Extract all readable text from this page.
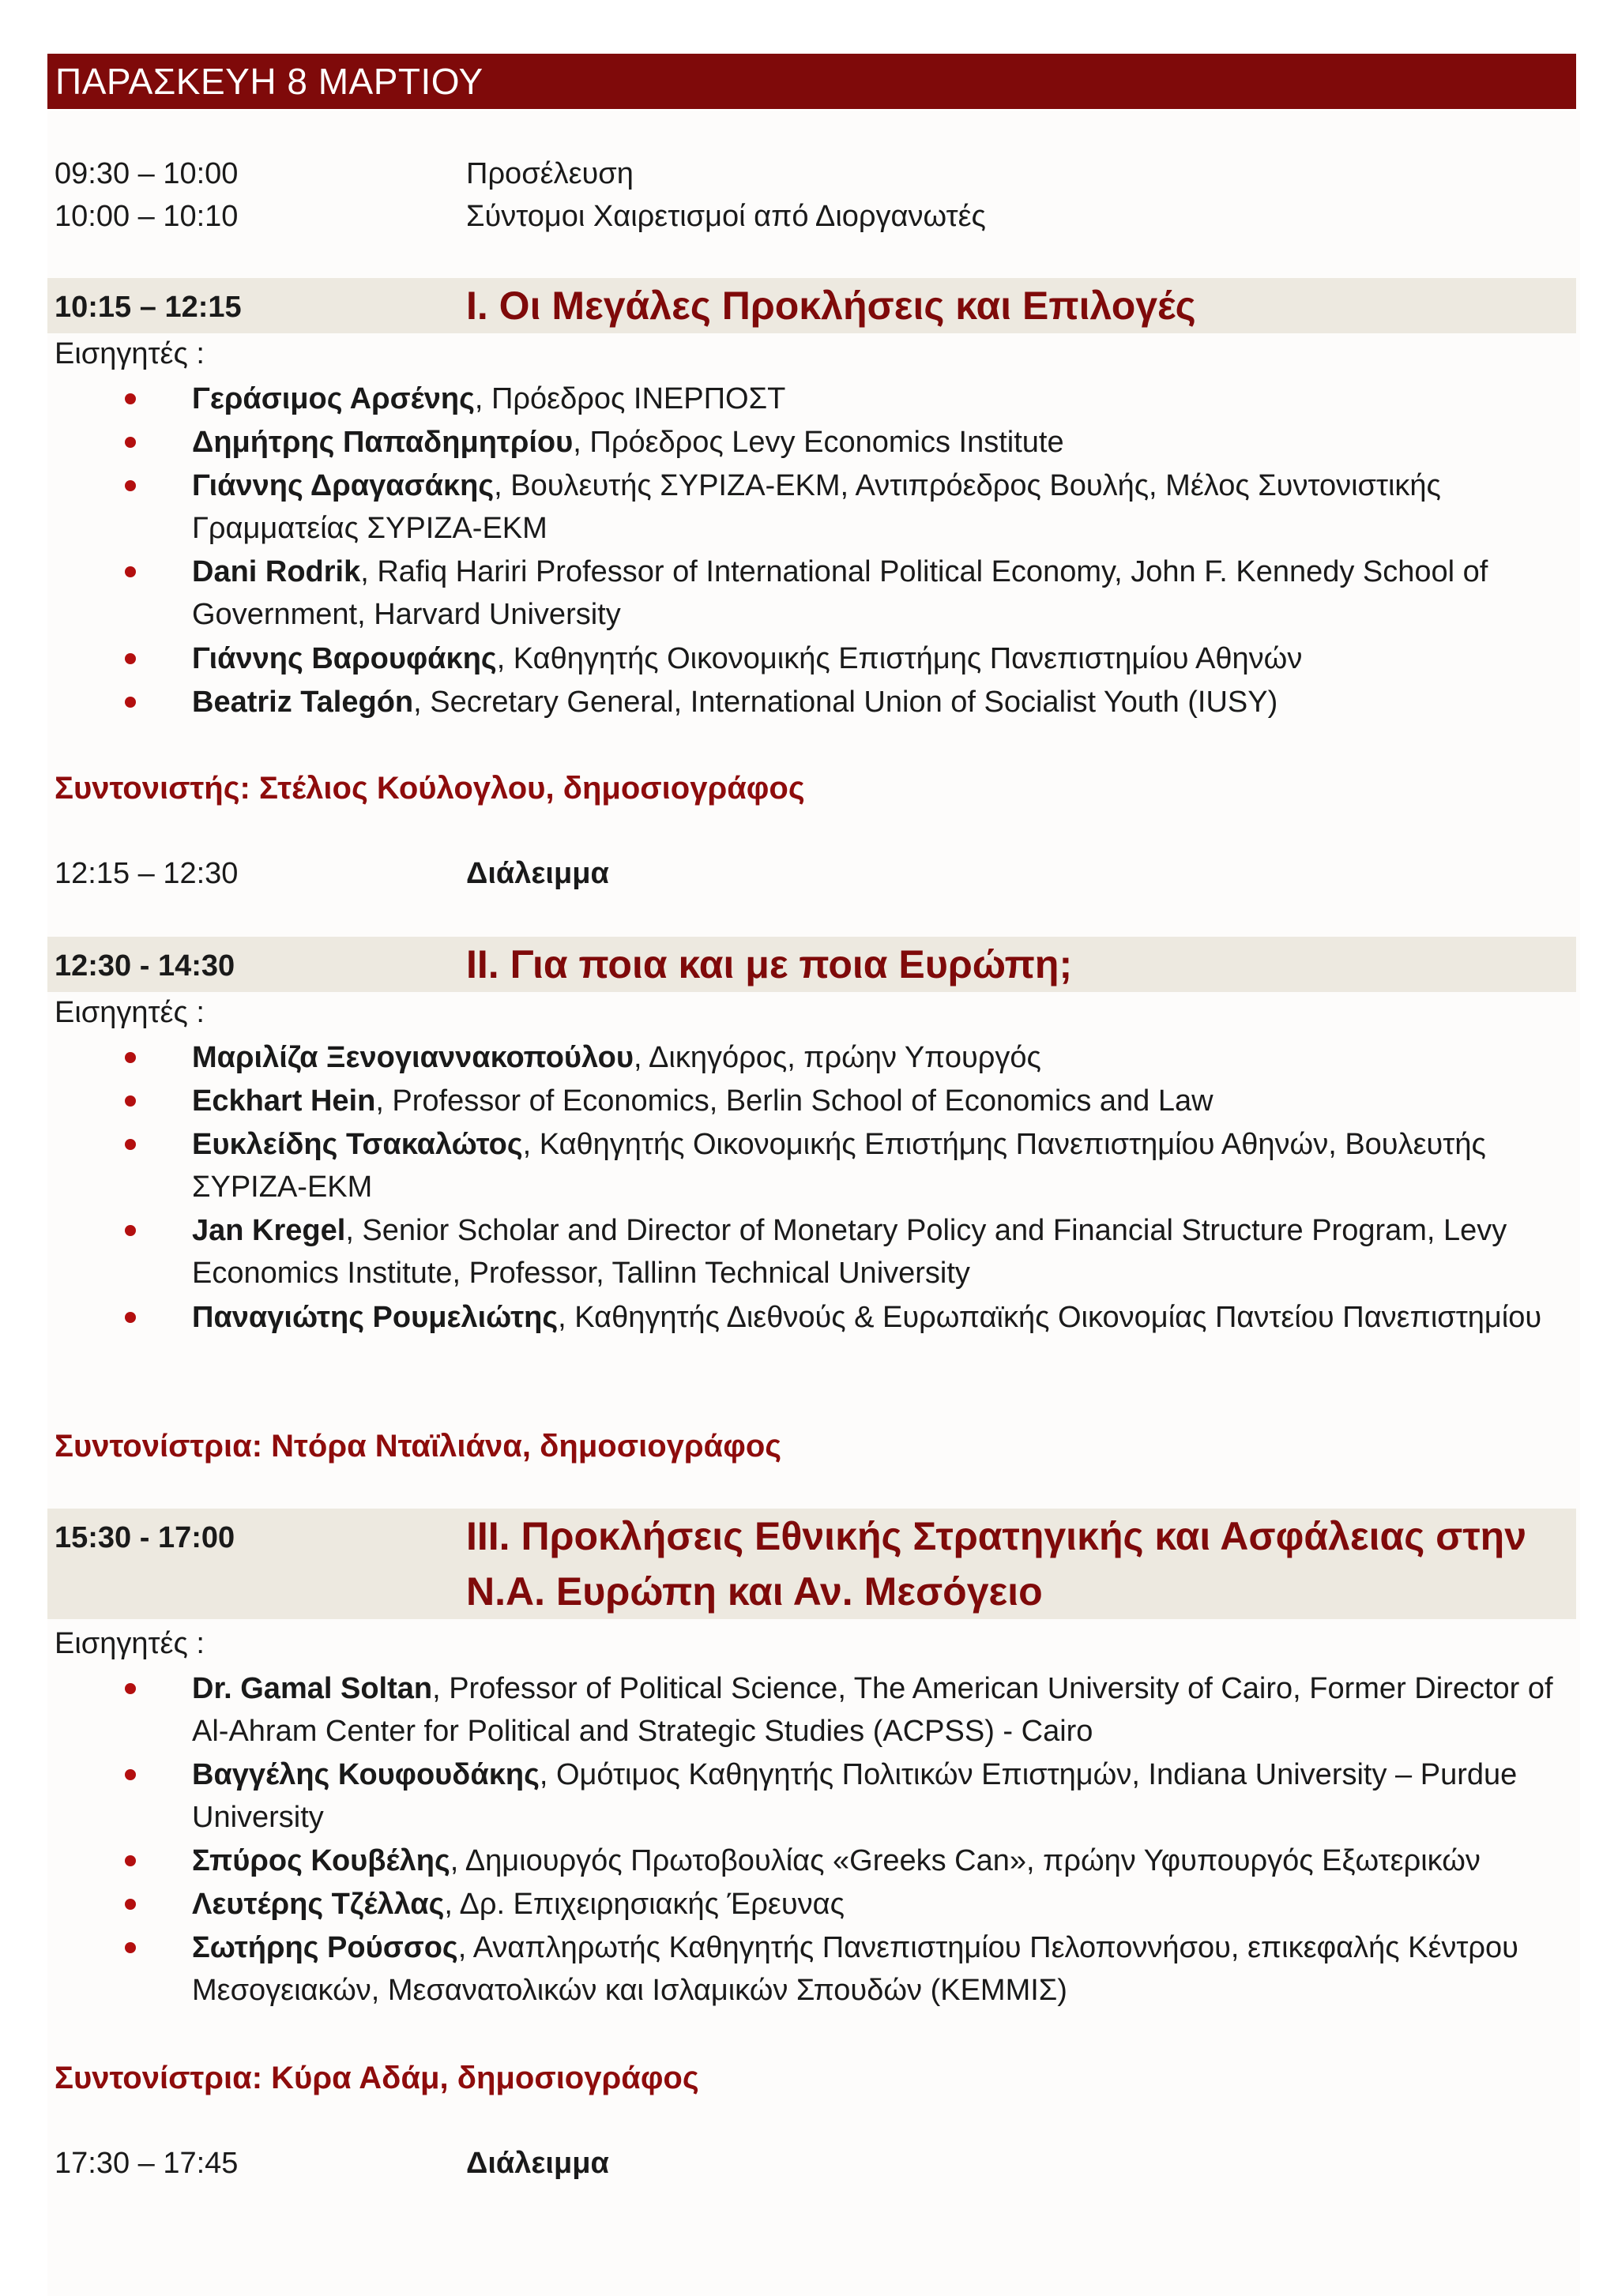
ΠΑΡΑΣΚΕΥΗ 8 ΜΑΡΤΙΟΥ
09:30 – 10:00	Προσέλευση
10:00 – 10:10	Σύντομοι Χαιρετισμοί από Διοργανωτές
10:15 – 12:15	I. Οι Μεγάλες Προκλήσεις και Επιλογές
Εισηγητές :
Γεράσιμος Αρσένης, Πρόεδρος ΙΝΕΡΠΟΣΤ
Δημήτρης Παπαδημητρίου, Πρόεδρος Levy Economics Institute
Γιάννης Δραγασάκης, Βουλευτής ΣΥΡΙΖΑ-ΕΚΜ, Αντιπρόεδρος Βουλής, Μέλος Συντονιστικής Γραμματείας ΣΥΡΙΖΑ-ΕΚΜ
Dani Rodrik, Rafiq Hariri Professor of International Political Economy, John F. Kennedy School of Government, Harvard University
Γιάννης Βαρουφάκης, Καθηγητής Οικονομικής Επιστήμης Πανεπιστημίου Αθηνών
Beatriz Talegón, Secretary General, International Union of Socialist Youth (IUSY)
Συντονιστής: Στέλιος Κούλογλου, δημοσιογράφος
12:15 – 12:30	Διάλειμμα
12:30 - 14:30	II. Για ποια και με ποια Ευρώπη;
Εισηγητές :
Μαριλίζα Ξενογιαννακοπούλου, Δικηγόρος, πρώην Υπουργός
Eckhart Hein, Professor of Economics, Berlin School of Economics and Law
Ευκλείδης Τσακαλώτος, Καθηγητής Οικονομικής Επιστήμης Πανεπιστημίου Αθηνών, Βουλευτής ΣΥΡΙΖΑ-ΕΚΜ
Jan Kregel, Senior Scholar and Director of Monetary Policy and Financial Structure Program, Levy Economics Institute, Professor, Tallinn Technical University
Παναγιώτης Ρουμελιώτης, Καθηγητής Διεθνούς & Ευρωπαϊκής Οικονομίας Παντείου Πανεπιστημίου
Συντονίστρια: Ντόρα Νταϊλιάνα, δημοσιογράφος
15:30 - 17:00	III. Προκλήσεις Εθνικής Στρατηγικής και Ασφάλειας στην Ν.Α. Ευρώπη και Αν. Μεσόγειο
Εισηγητές :
Dr. Gamal Soltan, Professor of Political Science, The American University of Cairo, Former Director of Al-Ahram Center for Political and Strategic Studies (ACPSS) - Cairo
Βαγγέλης Κουφουδάκης, Ομότιμος Καθηγητής Πολιτικών Επιστημών, Indiana University – Purdue University
Σπύρος Κουβέλης, Δημιουργός Πρωτοβουλίας «Greeks Can», πρώην Υφυπουργός Εξωτερικών
Λευτέρης Τζέλλας, Δρ. Επιχειρησιακής Έρευνας
Σωτήρης Ρούσσος, Αναπληρωτής Καθηγητής Πανεπιστημίου Πελοποννήσου, επικεφαλής Κέντρου Μεσογειακών, Μεσανατολικών και Ισλαμικών Σπουδών (ΚΕΜΜΙΣ)
Συντονίστρια: Κύρα Αδάμ, δημοσιογράφος
17:30 – 17:45	Διάλειμμα
